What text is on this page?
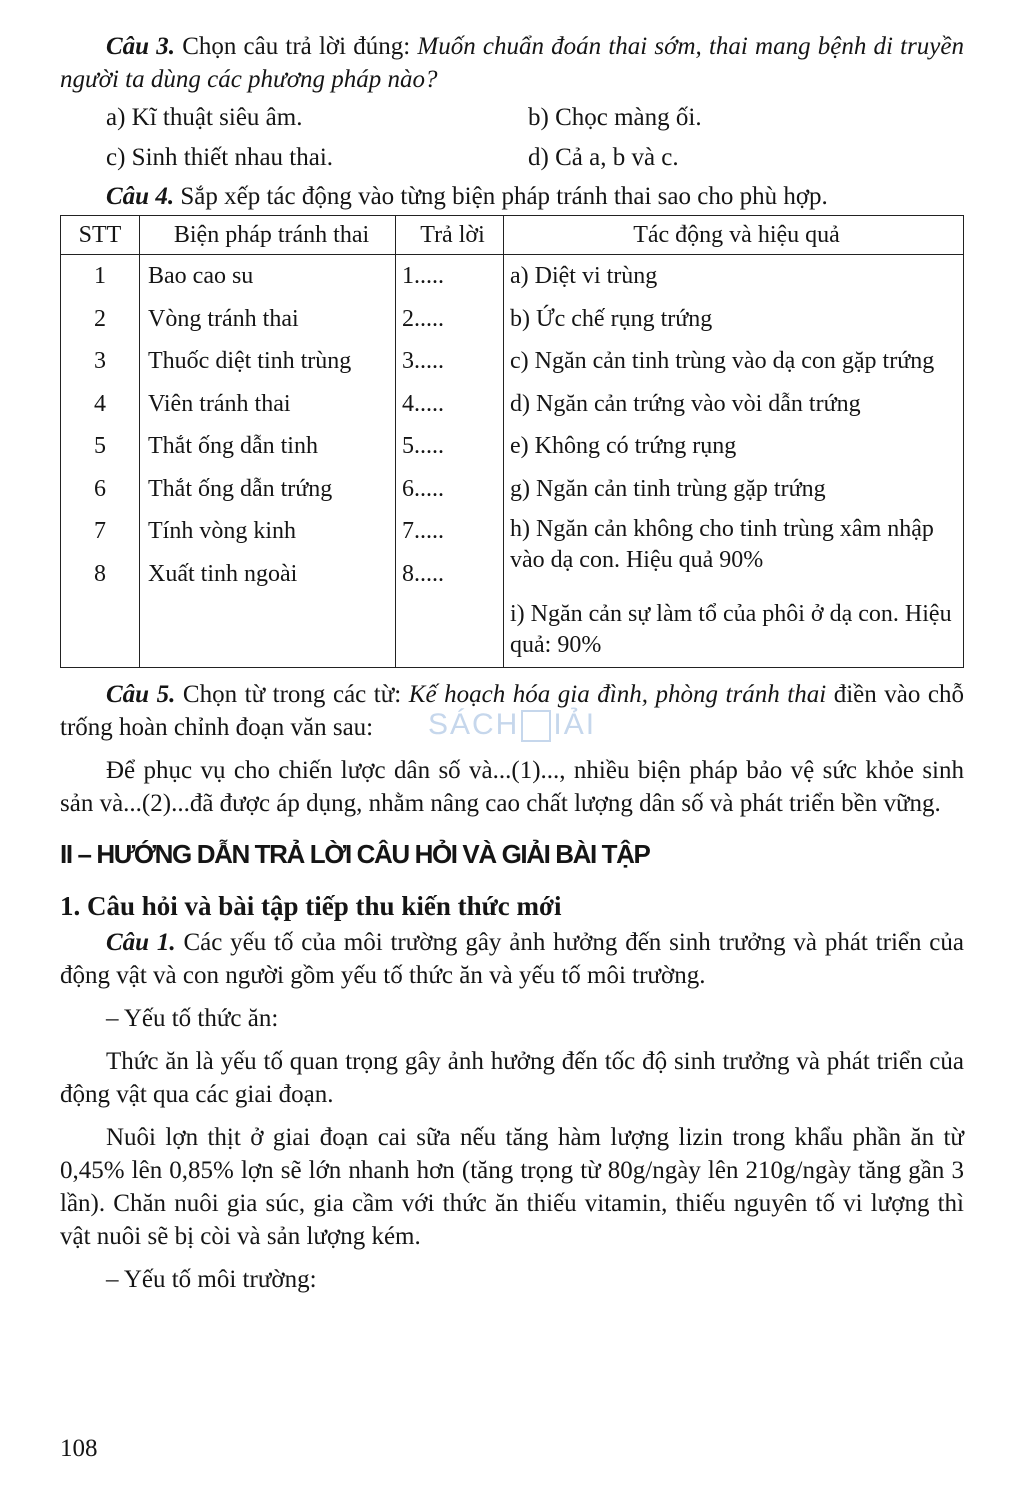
Câu 3. Chọn câu trả lời đúng: Muốn chuẩn đoán thai sớm, thai mang bệnh di truyền người ta dùng các phương pháp nào?

a) Kĩ thuật siêu âm.	b) Chọc màng ối.
c) Sinh thiết nhau thai.	d) Cả a, b và c.

Câu 4. Sắp xếp tác động vào từng biện pháp tránh thai sao cho phù hợp.

STT	Biện pháp tránh thai	Trả lời	Tác động và hiệu quả
1	Bao cao su	1.....	a) Diệt vi trùng
2	Vòng tránh thai	2.....	b) Ức chế rụng trứng
3	Thuốc diệt tinh trùng	3.....	c) Ngăn cản tinh trùng vào dạ con gặp trứng
4	Viên tránh thai	4.....	d) Ngăn cản trứng vào vòi dẫn trứng
5	Thắt ống dẫn tinh	5.....	e) Không có trứng rụng
6	Thắt ống dẫn trứng	6.....	g) Ngăn cản tinh trùng gặp trứng
7	Tính vòng kinh	7.....	h) Ngăn cản không cho tinh trùng xâm nhập vào dạ con. Hiệu quả 90%
8	Xuất tinh ngoài	8.....	
			i) Ngăn cản sự làm tổ của phôi ở dạ con. Hiệu quả: 90%

Câu 5. Chọn từ trong các từ: Kế hoạch hóa gia đình, phòng tránh thai điền vào chỗ trống hoàn chỉnh đoạn văn sau:

Để phục vụ cho chiến lược dân số và...(1)..., nhiều biện pháp bảo vệ sức khỏe sinh sản và...(2)...đã được áp dụng, nhằm nâng cao chất lượng dân số và phát triển bền vững.

II – HƯỚNG DẪN TRẢ LỜI CÂU HỎI VÀ GIẢI BÀI TẬP

1. Câu hỏi và bài tập tiếp thu kiến thức mới

Câu 1. Các yếu tố của môi trường gây ảnh hưởng đến sinh trưởng và phát triển của động vật và con người gồm yếu tố thức ăn và yếu tố môi trường.

– Yếu tố thức ăn:

Thức ăn là yếu tố quan trọng gây ảnh hưởng đến tốc độ sinh trưởng và phát triển của động vật qua các giai đoạn.

Nuôi lợn thịt ở giai đoạn cai sữa nếu tăng hàm lượng lizin trong khẩu phần ăn từ 0,45% lên 0,85% lợn sẽ lớn nhanh hơn (tăng trọng từ 80g/ngày lên 210g/ngày tăng gần 3 lần). Chăn nuôi gia súc, gia cầm với thức ăn thiếu vitamin, thiếu nguyên tố vi lượng thì vật nuôi sẽ bị còi và sản lượng kém.

– Yếu tố môi trường:

SÁCH IẢI
108
